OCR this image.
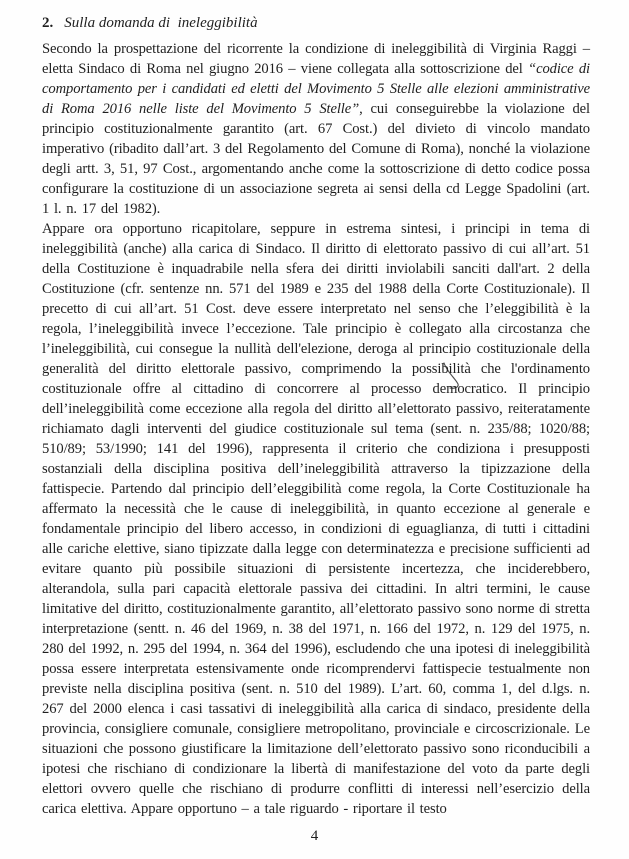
2. Sulla domanda di  ineleggibilità

Secondo la prospettazione del ricorrente la condizione di ineleggibilità di Virginia Raggi – eletta Sindaco di Roma nel giugno 2016 – viene collegata alla sottoscrizione del “codice di comportamento per i candidati ed eletti del Movimento 5 Stelle alle elezioni amministrative di Roma 2016 nelle liste del Movimento 5 Stelle”, cui conseguirebbe la violazione del principio costituzionalmente garantito (art. 67 Cost.) del divieto di vincolo mandato imperativo (ribadito dall’art. 3 del Regolamento del Comune di Roma), nonché la violazione degli artt. 3, 51, 97 Cost., argomentando anche come la sottoscrizione di detto codice possa configurare la costituzione di un associazione segreta ai sensi della cd Legge Spadolini (art. 1 l. n. 17 del 1982).

Appare ora opportuno ricapitolare, seppure in estrema sintesi, i principi in tema di ineleggibilità (anche) alla carica di Sindaco. Il diritto di elettorato passivo di cui all’art. 51 della Costituzione è inquadrabile nella sfera dei diritti inviolabili sanciti dall'art. 2 della Costituzione (cfr. sentenze nn. 571 del 1989 e 235 del 1988 della Corte Costituzionale). Il precetto di cui all’art. 51 Cost. deve essere interpretato nel senso che l’eleggibilità è la regola, l’ineleggibilità invece l’eccezione. Tale principio è collegato alla circostanza che l’ineleggibilità, cui consegue la nullità dell'elezione, deroga al principio costituzionale della generalità del diritto elettorale passivo, comprimendo la possibilità che l'ordinamento costituzionale offre al cittadino di concorrere al processo democratico. Il principio dell’ineleggibilità come eccezione alla regola del diritto all’elettorato passivo, reiteratamente richiamato dagli interventi del giudice costituzionale sul tema (sent. n. 235/88; 1020/88; 510/89; 53/1990; 141 del 1996), rappresenta il criterio che condiziona i presupposti sostanziali della disciplina positiva dell’ineleggibilità attraverso la tipizzazione della fattispecie. Partendo dal principio dell’eleggibilità come regola, la Corte Costituzionale ha affermato la necessità che le cause di ineleggibilità, in quanto eccezione al generale e fondamentale principio del libero accesso, in condizioni di eguaglianza, di tutti i cittadini alle cariche elettive, siano tipizzate dalla legge con determinatezza e precisione sufficienti ad evitare quanto più possibile situazioni di persistente incertezza, che inciderebbero, alterandola, sulla pari capacità elettorale passiva dei cittadini. In altri termini, le cause limitative del diritto, costituzionalmente garantito, all’elettorato passivo sono norme di stretta interpretazione (sentt. n. 46 del 1969, n. 38 del 1971, n. 166 del 1972, n. 129 del 1975, n. 280 del 1992, n. 295 del 1994, n. 364 del 1996), escludendo che una ipotesi di ineleggibilità possa essere interpretata estensivamente onde ricomprendervi fattispecie testualmente non previste nella disciplina positiva (sent. n. 510 del 1989). L’art. 60, comma 1, del d.lgs. n. 267 del 2000 elenca i casi tassativi di ineleggibilità alla carica di sindaco, presidente della provincia, consigliere comunale, consigliere metropolitano, provinciale e circoscrizionale. Le situazioni che possono giustificare la limitazione dell’elettorato passivo sono riconducibili a ipotesi che rischiano di condizionare la libertà di manifestazione del voto da parte degli elettori ovvero quelle che rischiano di produrre conflitti di interessi nell’esercizio della carica elettiva. Appare opportuno – a tale riguardo - riportare il testo

4
